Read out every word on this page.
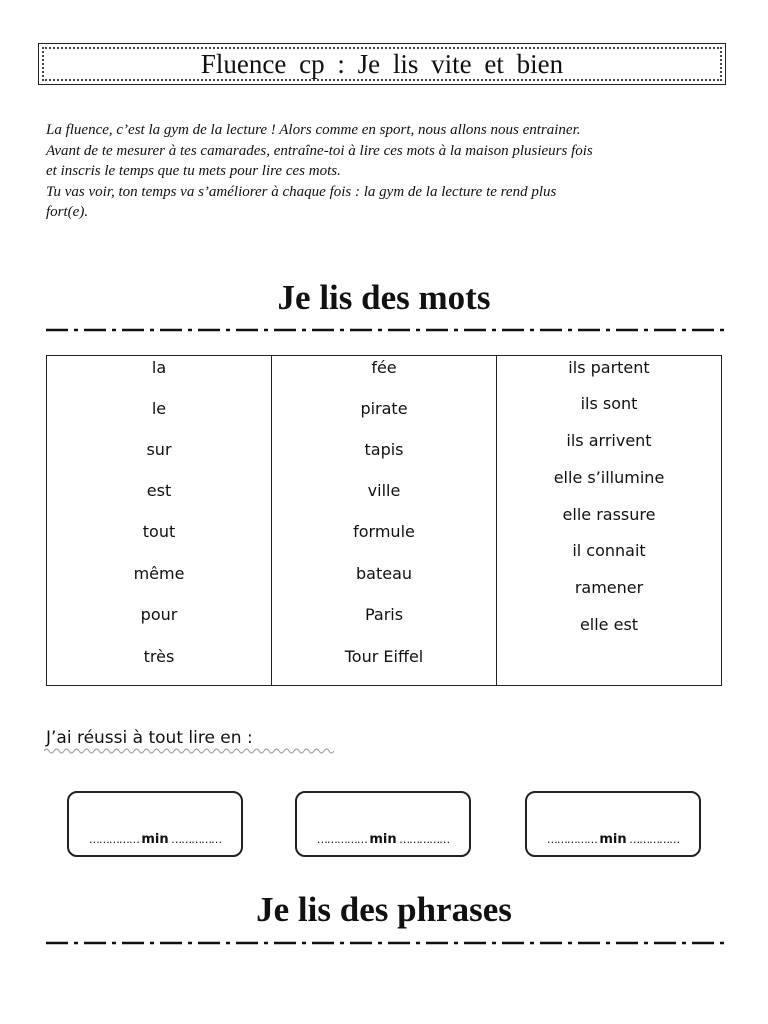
Fluence cp : Je lis vite et bien

La fluence, c’est la gym de la lecture ! Alors comme en sport, nous allons nous entrainer.

Avant de te mesurer à tes camarades, entraîne-toi à lire ces mots à la maison plusieurs fois

et inscris le temps que tu mets pour lire ces mots.

Tu vas voir, ton temps va s’améliorer à chaque fois : la gym de la lecture te rend plus

fort(e).

Je lis des mots
la
le
sur
est
tout
même
pour
très
fée
pirate
tapis
ville
formule
bateau
Paris
Tour Eiffel
ils partent
ils sont
ils arrivent
elle s’illumine
elle rassure
il connait
ramener
elle est
J’ai réussi à tout lire en :
…………… min ……………	…………… min ……………	…………… min ……………
Je lis des phrases
